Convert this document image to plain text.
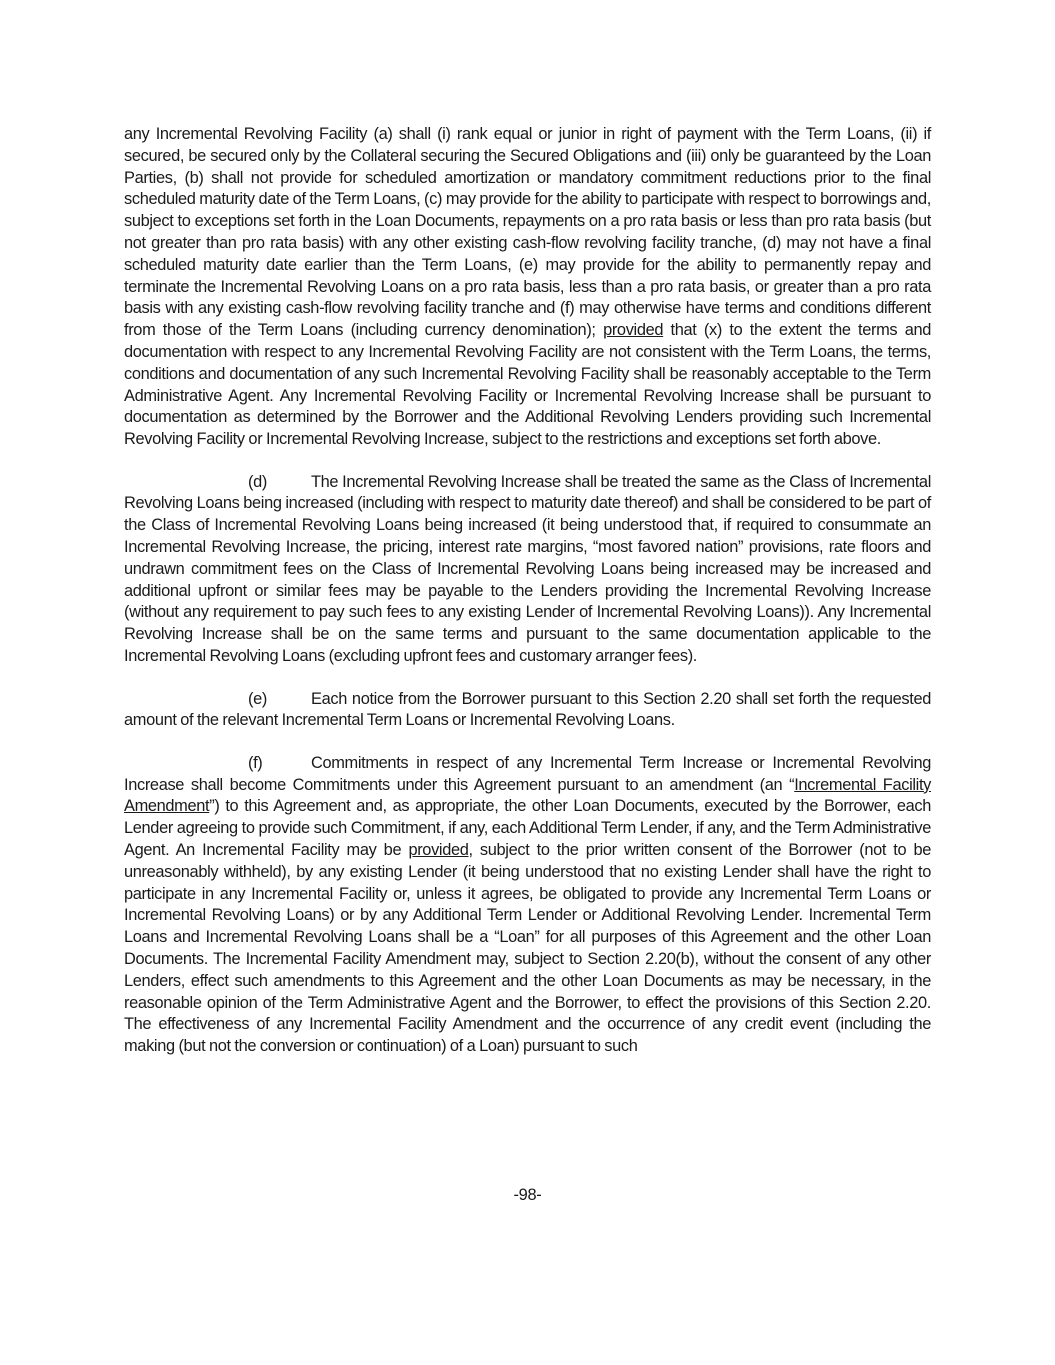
any Incremental Revolving Facility (a) shall (i) rank equal or junior in right of payment with the Term Loans, (ii) if secured, be secured only by the Collateral securing the Secured Obligations and (iii) only be guaranteed by the Loan Parties, (b) shall not provide for scheduled amortization or mandatory commitment reductions prior to the final scheduled maturity date of the Term Loans, (c) may provide for the ability to participate with respect to borrowings and, subject to exceptions set forth in the Loan Documents, repayments on a pro rata basis or less than pro rata basis (but not greater than pro rata basis) with any other existing cash-flow revolving facility tranche, (d) may not have a final scheduled maturity date earlier than the Term Loans, (e) may provide for the ability to permanently repay and terminate the Incremental Revolving Loans on a pro rata basis, less than a pro rata basis, or greater than a pro rata basis with any existing cash-flow revolving facility tranche and (f) may otherwise have terms and conditions different from those of the Term Loans (including currency denomination); provided that (x) to the extent the terms and documentation with respect to any Incremental Revolving Facility are not consistent with the Term Loans, the terms, conditions and documentation of any such Incremental Revolving Facility shall be reasonably acceptable to the Term Administrative Agent. Any Incremental Revolving Facility or Incremental Revolving Increase shall be pursuant to documentation as determined by the Borrower and the Additional Revolving Lenders providing such Incremental Revolving Facility or Incremental Revolving Increase, subject to the restrictions and exceptions set forth above.

(d)	The Incremental Revolving Increase shall be treated the same as the Class of Incremental Revolving Loans being increased (including with respect to maturity date thereof) and shall be considered to be part of the Class of Incremental Revolving Loans being increased (it being understood that, if required to consummate an Incremental Revolving Increase, the pricing, interest rate margins, “most favored nation” provisions, rate floors and undrawn commitment fees on the Class of Incremental Revolving Loans being increased may be increased and additional upfront or similar fees may be payable to the Lenders providing the Incremental Revolving Increase (without any requirement to pay such fees to any existing Lender of Incremental Revolving Loans)). Any Incremental Revolving Increase shall be on the same terms and pursuant to the same documentation applicable to the Incremental Revolving Loans (excluding upfront fees and customary arranger fees).

(e)	Each notice from the Borrower pursuant to this Section 2.20 shall set forth the requested amount of the relevant Incremental Term Loans or Incremental Revolving Loans.

(f)	Commitments in respect of any Incremental Term Increase or Incremental Revolving Increase shall become Commitments under this Agreement pursuant to an amendment (an “Incremental Facility Amendment”) to this Agreement and, as appropriate, the other Loan Documents, executed by the Borrower, each Lender agreeing to provide such Commitment, if any, each Additional Term Lender, if any, and the Term Administrative Agent. An Incremental Facility may be provided, subject to the prior written consent of the Borrower (not to be unreasonably withheld), by any existing Lender (it being understood that no existing Lender shall have the right to participate in any Incremental Facility or, unless it agrees, be obligated to provide any Incremental Term Loans or Incremental Revolving Loans) or by any Additional Term Lender or Additional Revolving Lender. Incremental Term Loans and Incremental Revolving Loans shall be a “Loan” for all purposes of this Agreement and the other Loan Documents. The Incremental Facility Amendment may, subject to Section 2.20(b), without the consent of any other Lenders, effect such amendments to this Agreement and the other Loan Documents as may be necessary, in the reasonable opinion of the Term Administrative Agent and the Borrower, to effect the provisions of this Section 2.20. The effectiveness of any Incremental Facility Amendment and the occurrence of any credit event (including the making (but not the conversion or continuation) of a Loan) pursuant to such

-98-
